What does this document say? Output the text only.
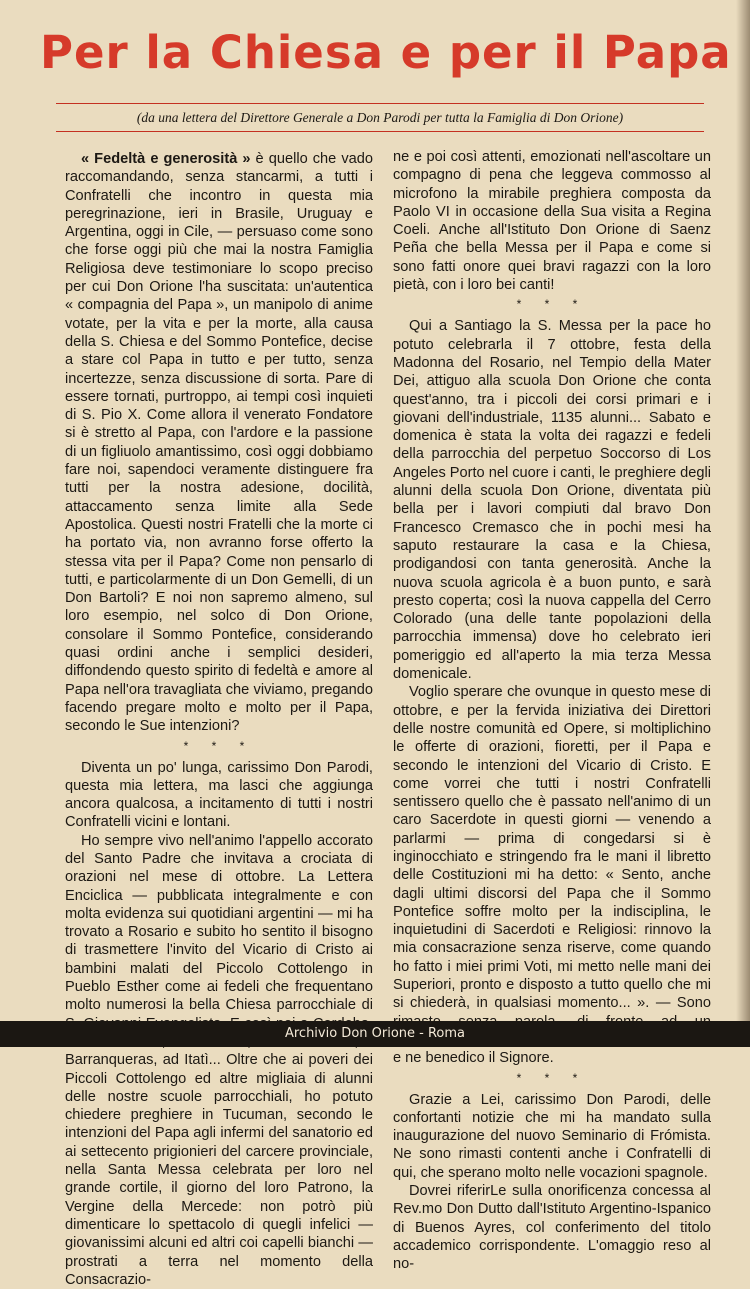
Per la Chiesa e per il Papa
(da una lettera del Direttore Generale a Don Parodi per tutta la Famiglia di Don Orione)

« Fedeltà e generosità » è quello che vado raccomandando, senza stancarmi, a tutti i Confratelli che incontro in questa mia peregrinazione, ieri in Brasile, Uruguay e Argentina, oggi in Cile, — persuaso come sono che forse oggi più che mai la nostra Famiglia Religiosa deve testimoniare lo scopo preciso per cui Don Orione l'ha suscitata: un'autentica « compagnia del Papa », un manipolo di anime votate, per la vita e per la morte, alla causa della S. Chiesa e del Sommo Pontefice, decise a stare col Papa in tutto e per tutto, senza incertezze, senza discussione di sorta. Pare di essere tornati, purtroppo, ai tempi così inquieti di S. Pio X. Come allora il venerato Fondatore si è stretto al Papa, con l'ardore e la passione di un figliuolo amantissimo, così oggi dobbiamo fare noi, sapendoci veramente distinguere fra tutti per la nostra adesione, docilità, attaccamento senza limite alla Sede Apostolica. Questi nostri Fratelli che la morte ci ha portato via, non avranno forse offerto la stessa vita per il Papa? Come non pensarlo di tutti, e particolarmente di un Don Gemelli, di un Don Bartoli? E noi non sapremo almeno, sul loro esempio, nel solco di Don Orione, consolare il Sommo Pontefice, considerando quasi ordini anche i semplici desideri, diffondendo questo spirito di fedeltà e amore al Papa nell'ora travagliata che viviamo, pregando facendo pregare molto e molto per il Papa, secondo le Sue intenzioni?

* * *

Diventa un po' lunga, carissimo Don Parodi, questa mia lettera, ma lasci che aggiunga ancora qualcosa, a incitamento di tutti i nostri Confratelli vicini e lontani.

Ho sempre vivo nell'animo l'appello accorato del Santo Padre che invitava a crociata di orazioni nel mese di ottobre. La Lettera Enciclica — pubblicata integralmente e con molta evidenza sui quotidiani argentini — mi ha trovato a Rosario e subito ho sentito il bisogno di trasmettere l'invito del Vicario di Cristo ai bambini malati del Piccolo Cottolengo in Pueblo Esther come ai fedeli che frequentano molto numerosi la bella Chiesa parrocchiale di Barranqueras, ad Itatì... Oltre che ai poveri dei Piccoli Cottolengo ed altre migliaia di alunni delle nostre scuole parrocchiali, ho potuto chiedere preghiere in Tucuman, secondo le intenzioni del Papa agli infermi del sanatorio ed ai settecento prigionieri del carcere provinciale, nella Santa Messa celebrata per loro nel grande cortile, il giorno del loro Patrono, la Vergine della Mercede: non potrò più dimenticare lo spettacolo di quegli infelici — giovanissimi alcuni ed altri coi capelli bianchi — prostrati a terra nel momento della Consacrazio-

ne e poi così attenti, emozionati nell'ascoltare un compagno di pena che leggeva commosso al microfono la mirabile preghiera composta da Paolo VI in occasione della Sua visita a Regina Coeli. Anche all'Istituto Don Orione di Saenz Peña che bella Messa per il Papa e come si sono fatti onore quei bravi ragazzi con la loro pietà, con i loro bei canti!

* * *

Qui a Santiago la S. Messa per la pace ho potuto celebrarla il 7 ottobre, festa della Madonna del Rosario, nel Tempio della Mater Dei, attiguo alla scuola Don Orione che conta quest'anno, tra i piccoli dei corsi primari e i giovani dell'industriale, 1135 alunni... Sabato e domenica è stata la volta dei ragazzi e fedeli della parrocchia del perpetuo Soccorso di Los Angeles Porto nel cuore i canti, le preghiere degli alunni della scuola Don Orione, diventata più bella per i lavori compiuti dal bravo Don Francesco Cremasco che in pochi mesi ha saputo restaurare la casa e la Chiesa, prodigandosi con tanta generosità. Anche la nuova scuola agricola è a buon punto, e sarà presto coperta; così la nuova cappella del Cerro Colorado (una delle tante popolazioni della parrocchia immensa) dove ho celebrato ieri pomeriggio ed all'aperto la mia terza Messa domenicale.

Voglio sperare che ovunque in questo mese di ottobre, e per la fervida iniziativa dei Direttori delle nostre comunità ed Opere, si moltiplichino le offerte di orazioni, fioretti, per il Papa e secondo le intenzioni del Vicario di Cristo. E come vorrei che tutti i nostri Confratelli sentissero quello che è passato nell'animo di un caro Sacerdote in questi giorni — venendo a parlarmi — prima di congedarsi si è inginocchiato e stringendo fra le mani il libretto delle Costituzioni mi ha detto: « Sento, anche dagli ultimi discorsi del Papa che il Sommo Pontefice soffre molto per la indisciplina, le inquietudini di Sacerdoti e Religiosi: rinnovo la mia consacrazione senza riserve, come quando ho fatto i miei primi Voti, mi metto nelle mani dei Superiori, pronto e disposto a tutto quello che mi si chiederà, in qualsiasi momento... ». — Sono e ne benedico il Signore.

* * *

Grazie a Lei, carissimo Don Parodi, delle confortanti notizie che mi ha mandato sulla inaugurazione del nuovo Seminario di Frómista. Ne sono rimasti contenti anche i Confratelli di qui, che sperano molto nelle vocazioni spagnole.

Dovrei riferirLe sulla onorificenza concessa al Rev.mo Don Dutto dall'Istituto Argentino-Ispanico di Buenos Ayres, col conferimento del titolo accademico corrispondente. L'omaggio reso al no-

Archivio Don Orione - Roma
